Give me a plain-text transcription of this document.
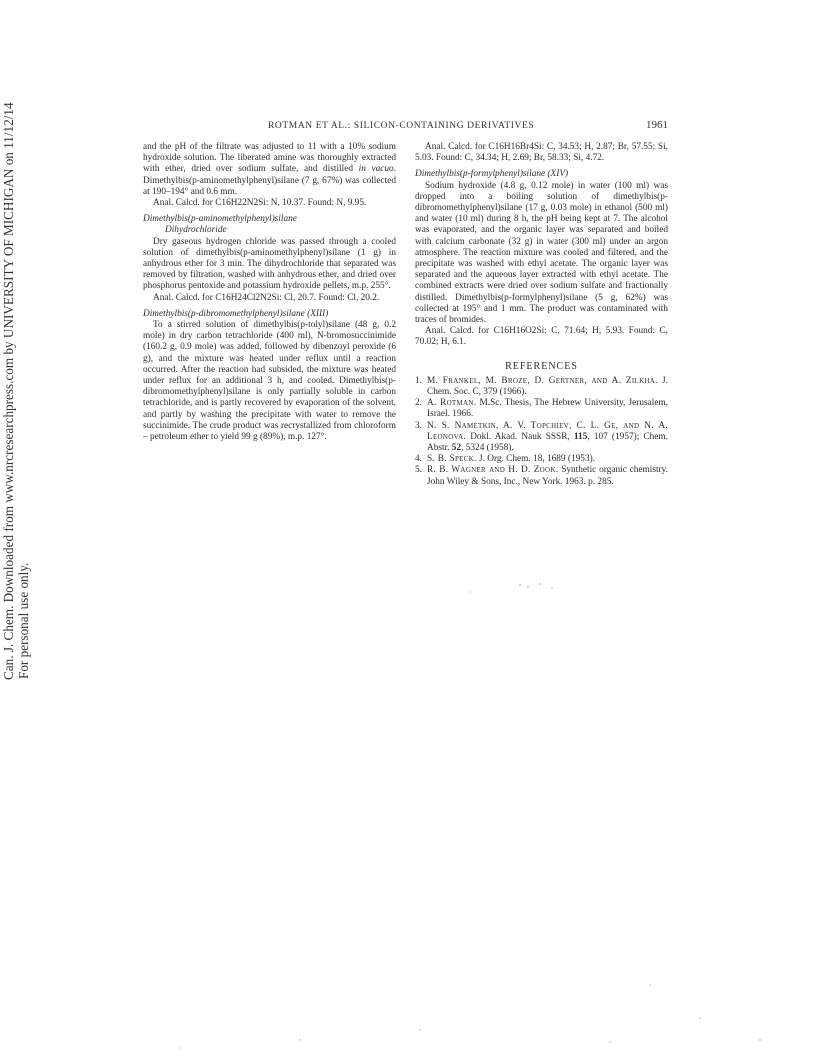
Can. J. Chem. Downloaded from www.nrcresearchpress.com by UNIVERSITY OF MICHIGAN on 11/12/14 For personal use only.
ROTMAN ET AL.: SILICON-CONTAINING DERIVATIVES	1961

and the pH of the filtrate was adjusted to 11 with a 10% sodium hydroxide solution. The liberated amine was thoroughly extracted with ether, dried over sodium sulfate, and distilled in vacuo. Dimethylbis(p-aminomethylphenyl)silane (7 g, 67%) was collected at 190–194° and 0.6 mm.

Anal. Calcd. for C16H22N2Si: N, 10.37. Found: N, 9.95.

Dimethylbis(p-aminomethylphenyl)silane
Dihydrochloride

Dry gaseous hydrogen chloride was passed through a cooled solution of dimethylbis(p-aminomethylphenyl)silane (1 g) in anhydrous ether for 3 min. The dihydrochloride that separated was removed by filtration, washed with anhydrous ether, and dried over phosphorus pentoxide and potassium hydroxide pellets, m.p. 255°.

Anal. Calcd. for C16H24Cl2N2Si: Cl, 20.7. Found: Cl, 20.2.

Dimethylbis(p-dibromomethylphenyl)silane (XIII)

To a stirred solution of dimethylbis(p-tolyl)silane (48 g, 0.2 mole) in dry carbon tetrachloride (400 ml), N-bromosuccinimide (160.2 g, 0.9 mole) was added, followed by dibenzoyl peroxide (6 g), and the mixture was heated under reflux until a reaction occurred. After the reaction had subsided, the mixture was heated under reflux for an additional 3 h, and cooled. Dimethylbis(p-dibromomethylphenyl)silane is only partially soluble in carbon tetrachloride, and is partly recovered by evaporation of the solvent, and partly by washing the precipitate with water to remove the succinimide. The crude product was recrystallized from chloroform – petroleum ether to yield 99 g (89%), m.p. 127°.

Anal. Calcd. for C16H16Br4Si: C, 34.53; H, 2.87; Br, 57.55; Si, 5.03. Found: C, 34.34; H, 2.69; Br, 58.33; Si, 4.72.

Dimethylbis(p-formylphenyl)silane (XIV)

Sodium hydroxide (4.8 g, 0.12 mole) in water (100 ml) was dropped into a boiling solution of dimethylbis(p-dibromomethylphenyl)silane (17 g, 0.03 mole) in ethanol (500 ml) and water (10 ml) during 8 h, the pH being kept at 7. The alcohol was evaporated, and the organic layer was separated and boiled with calcium carbonate (32 g) in water (300 ml) under an argon atmosphere. The reaction mixture was cooled and filtered, and the precipitate was washed with ethyl acetate. The organic layer was separated and the aqueous layer extracted with ethyl acetate. The combined extracts were dried over sodium sulfate and fractionally distilled. Dimethylbis(p-formylphenyl)silane (5 g, 62%) was collected at 195° and 1 mm. The product was contaminated with traces of bromides.

Anal. Calcd. for C16H16O2Si: C, 71.64; H, 5.93. Found: C, 70.02; H, 6.1.

REFERENCES
1. M. Frankel, M. Broze, D. Gertner, and A. Zilkha. J. Chem. Soc. C, 379 (1966).
2. A. Rotman. M.Sc. Thesis, The Hebrew University, Jerusalem, Israel. 1966.
3. N. S. Nametkin, A. V. Topchiev, C. L. Ge, and N. A. Leonova. Dokl. Akad. Nauk SSSR, 115, 107 (1957); Chem. Abstr. 52, 5324 (1958).
4. S. B. Speck. J. Org. Chem. 18, 1689 (1953).
5. R. B. Wagner and H. D. Zook. Synthetic organic chemistry. John Wiley & Sons, Inc., New York. 1963. p. 285.
